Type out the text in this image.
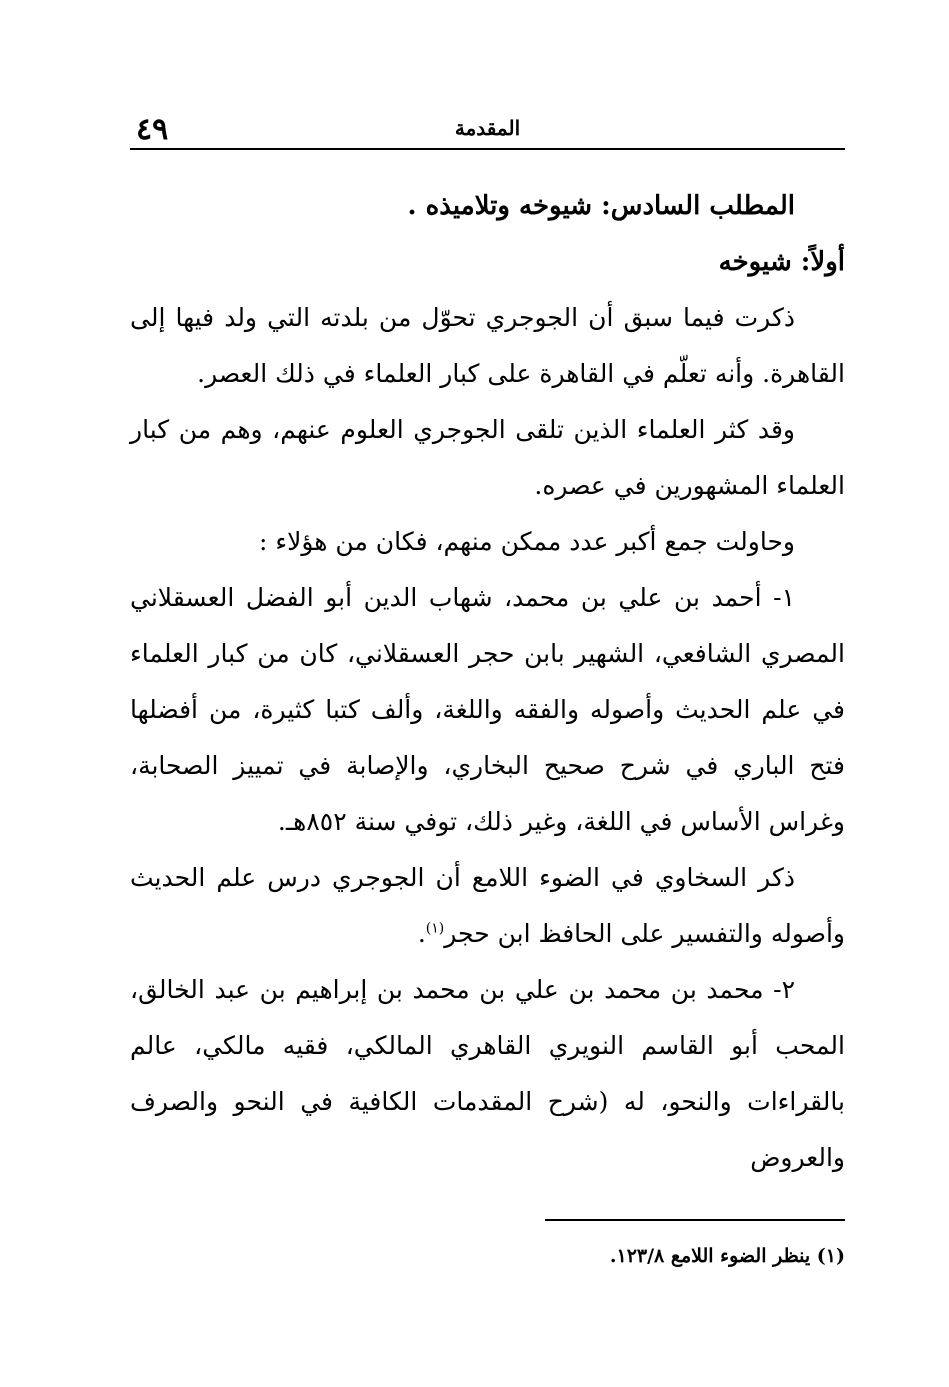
٤٩	المقدمة

المطلب السادس: شيوخه وتلاميذه .

أولاً: شيوخه

ذكرت فيما سبق أن الجوجري تحوّل من بلدته التي ولد فيها إلى القاهرة. وأنه تعلّم في القاهرة على كبار العلماء في ذلك العصر.

وقد كثر العلماء الذين تلقى الجوجري العلوم عنهم، وهم من كبار العلماء المشهورين في عصره.

وحاولت جمع أكبر عدد ممكن منهم، فكان من هؤلاء :

١- أحمد بن علي بن محمد، شهاب الدين أبو الفضل العسقلاني المصري الشافعي، الشهير بابن حجر العسقلاني، كان من كبار العلماء في علم الحديث وأصوله والفقه واللغة، وألف كتبا كثيرة، من أفضلها فتح الباري في شرح صحيح البخاري، والإصابة في تمييز الصحابة، وغراس الأساس في اللغة، وغير ذلك، توفي سنة ٨٥٢هـ.

ذكر السخاوي في الضوء اللامع أن الجوجري درس علم الحديث وأصوله والتفسير على الحافظ ابن حجر$^{(١)}$.

٢- محمد بن محمد بن علي بن محمد بن إبراهيم بن عبد الخالق، المحب أبو القاسم النويري القاهري المالكي، فقيه مالكي، عالم بالقراءات والنحو، له (شرح المقدمات الكافية في النحو والصرف والعروض

(١) ينظر الضوء اللامع ١٢٣/٨.
